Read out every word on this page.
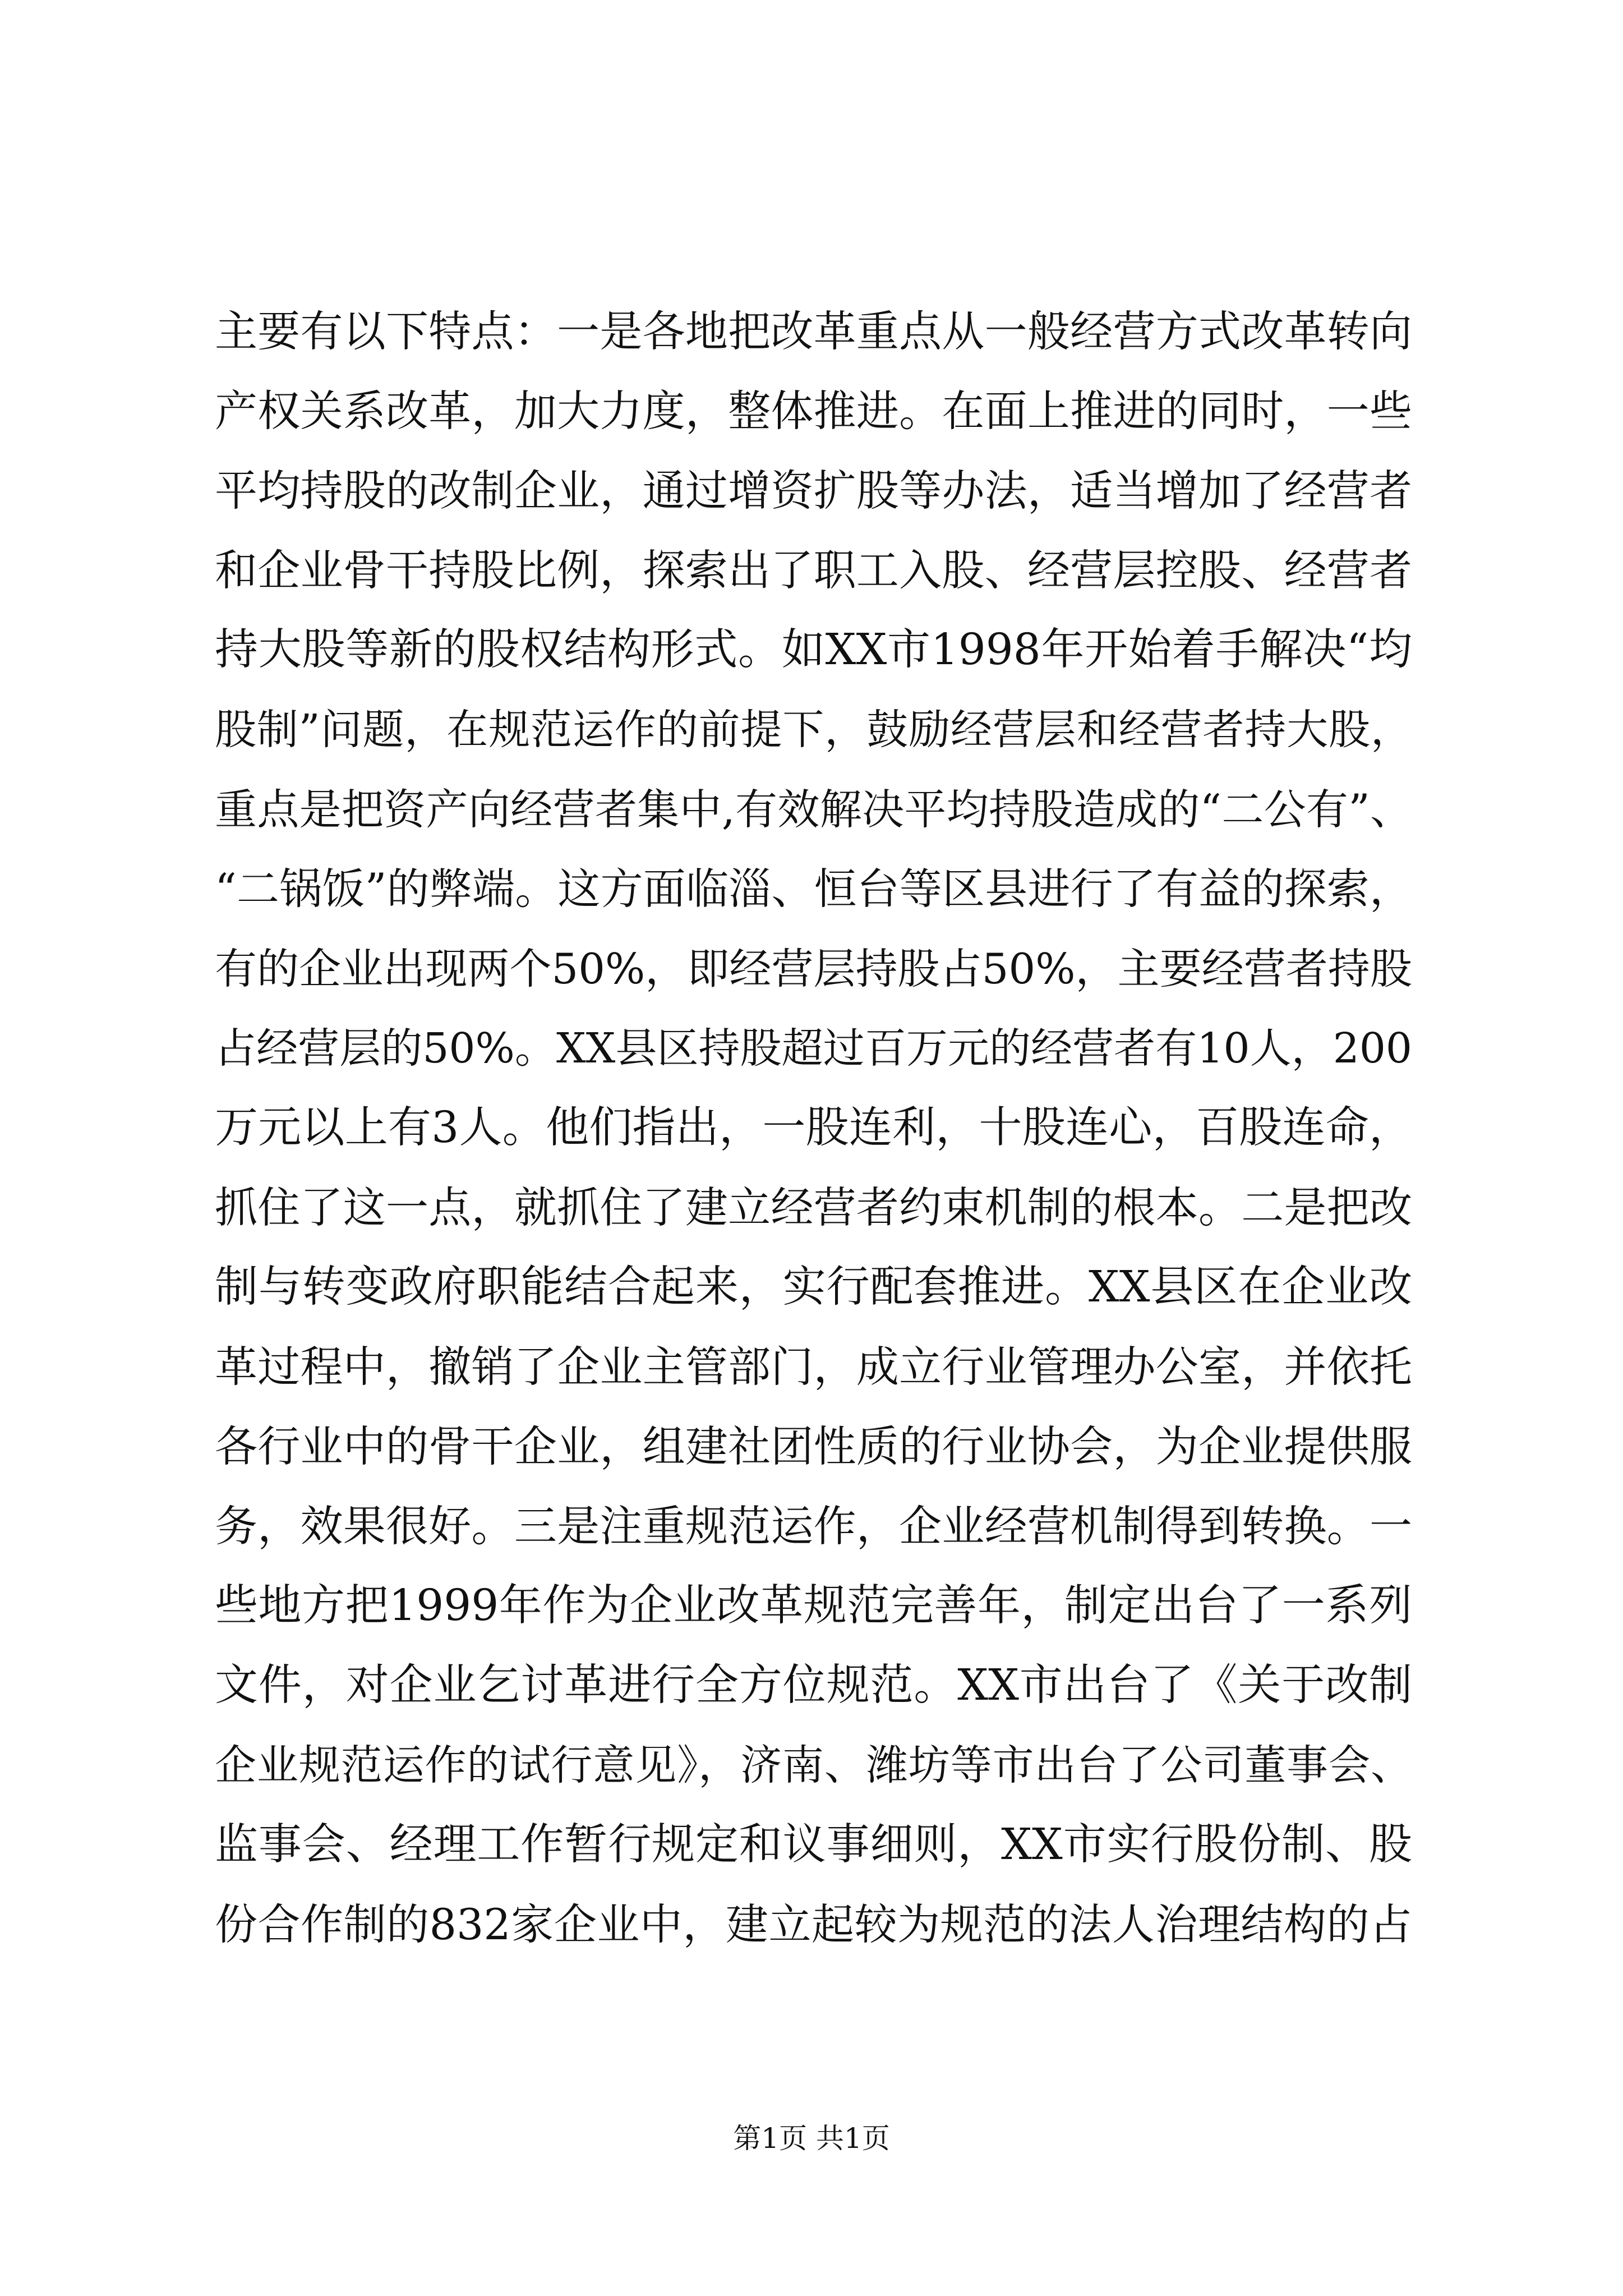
主要有以下特点：一是各地把改革重点从一般经营方式改革转向
产权关系改革，加大力度，整体推进。在面上推进的同时，一些
平均持股的改制企业，通过增资扩股等办法，适当增加了经营者
和企业骨干持股比例，探索出了职工入股、经营层控股、经营者
持大股等新的股权结构形式。如XX市1998年开始着手解决“均
股制”问题，在规范运作的前提下，鼓励经营层和经营者持大股，
重点是把资产向经营者集中,有效解决平均持股造成的“二公有”、
“二锅饭”的弊端。这方面临淄、恒台等区县进行了有益的探索，
有的企业出现两个50%，即经营层持股占50%，主要经营者持股
占经营层的50%。XX县区持股超过百万元的经营者有10人，200
万元以上有3人。他们指出，一股连利，十股连心，百股连命，
抓住了这一点，就抓住了建立经营者约束机制的根本。二是把改
制与转变政府职能结合起来，实行配套推进。XX县区在企业改
革过程中，撤销了企业主管部门，成立行业管理办公室，并依托
各行业中的骨干企业，组建社团性质的行业协会，为企业提供服
务，效果很好。三是注重规范运作，企业经营机制得到转换。一
些地方把1999年作为企业改革规范完善年，制定出台了一系列
文件，对企业乞讨革进行全方位规范。XX市出台了《关于改制
企业规范运作的试行意见》，济南、潍坊等市出台了公司董事会、
监事会、经理工作暂行规定和议事细则，XX市实行股份制、股
份合作制的832家企业中，建立起较为规范的法人治理结构的占
第1页 共1页
